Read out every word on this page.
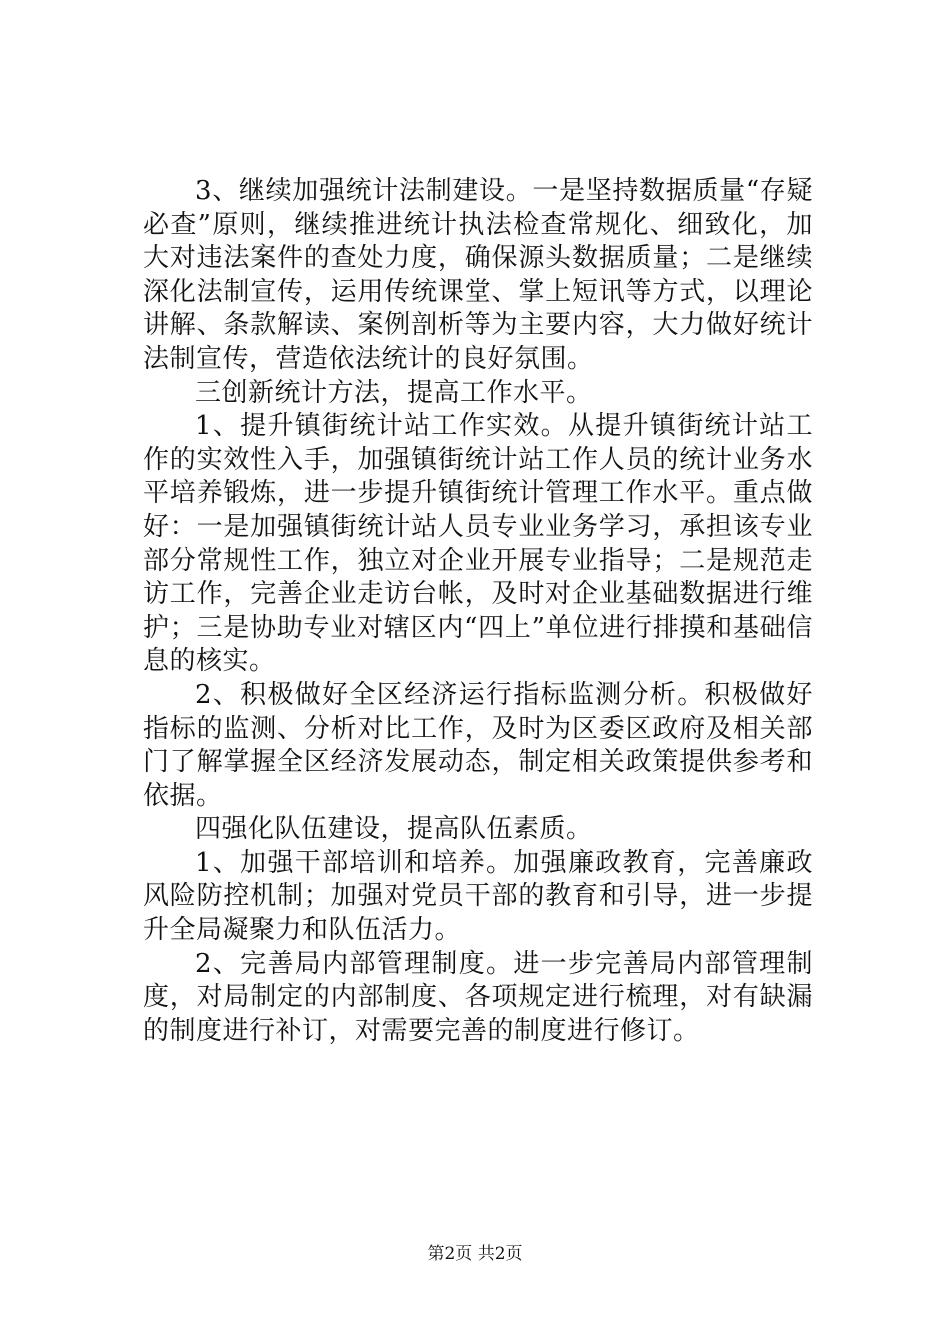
3、继续加强统计法制建设。一是坚持数据质量“存疑必查”原则，继续推进统计执法检查常规化、细致化，加大对违法案件的查处力度，确保源头数据质量；二是继续深化法制宣传，运用传统课堂、掌上短讯等方式，以理论讲解、条款解读、案例剖析等为主要内容，大力做好统计法制宣传，营造依法统计的良好氛围。

三创新统计方法，提高工作水平。

1、提升镇街统计站工作实效。从提升镇街统计站工作的实效性入手，加强镇街统计站工作人员的统计业务水平培养锻炼，进一步提升镇街统计管理工作水平。重点做好：一是加强镇街统计站人员专业业务学习，承担该专业部分常规性工作，独立对企业开展专业指导；二是规范走访工作，完善企业走访台帐，及时对企业基础数据进行维护；三是协助专业对辖区内“四上”单位进行排摸和基础信息的核实。

2、积极做好全区经济运行指标监测分析。积极做好指标的监测、分析对比工作，及时为区委区政府及相关部门了解掌握全区经济发展动态，制定相关政策提供参考和依据。

四强化队伍建设，提高队伍素质。

1、加强干部培训和培养。加强廉政教育，完善廉政风险防控机制；加强对党员干部的教育和引导，进一步提升全局凝聚力和队伍活力。

2、完善局内部管理制度。进一步完善局内部管理制度，对局制定的内部制度、各项规定进行梳理，对有缺漏的制度进行补订，对需要完善的制度进行修订。

第2页 共2页
